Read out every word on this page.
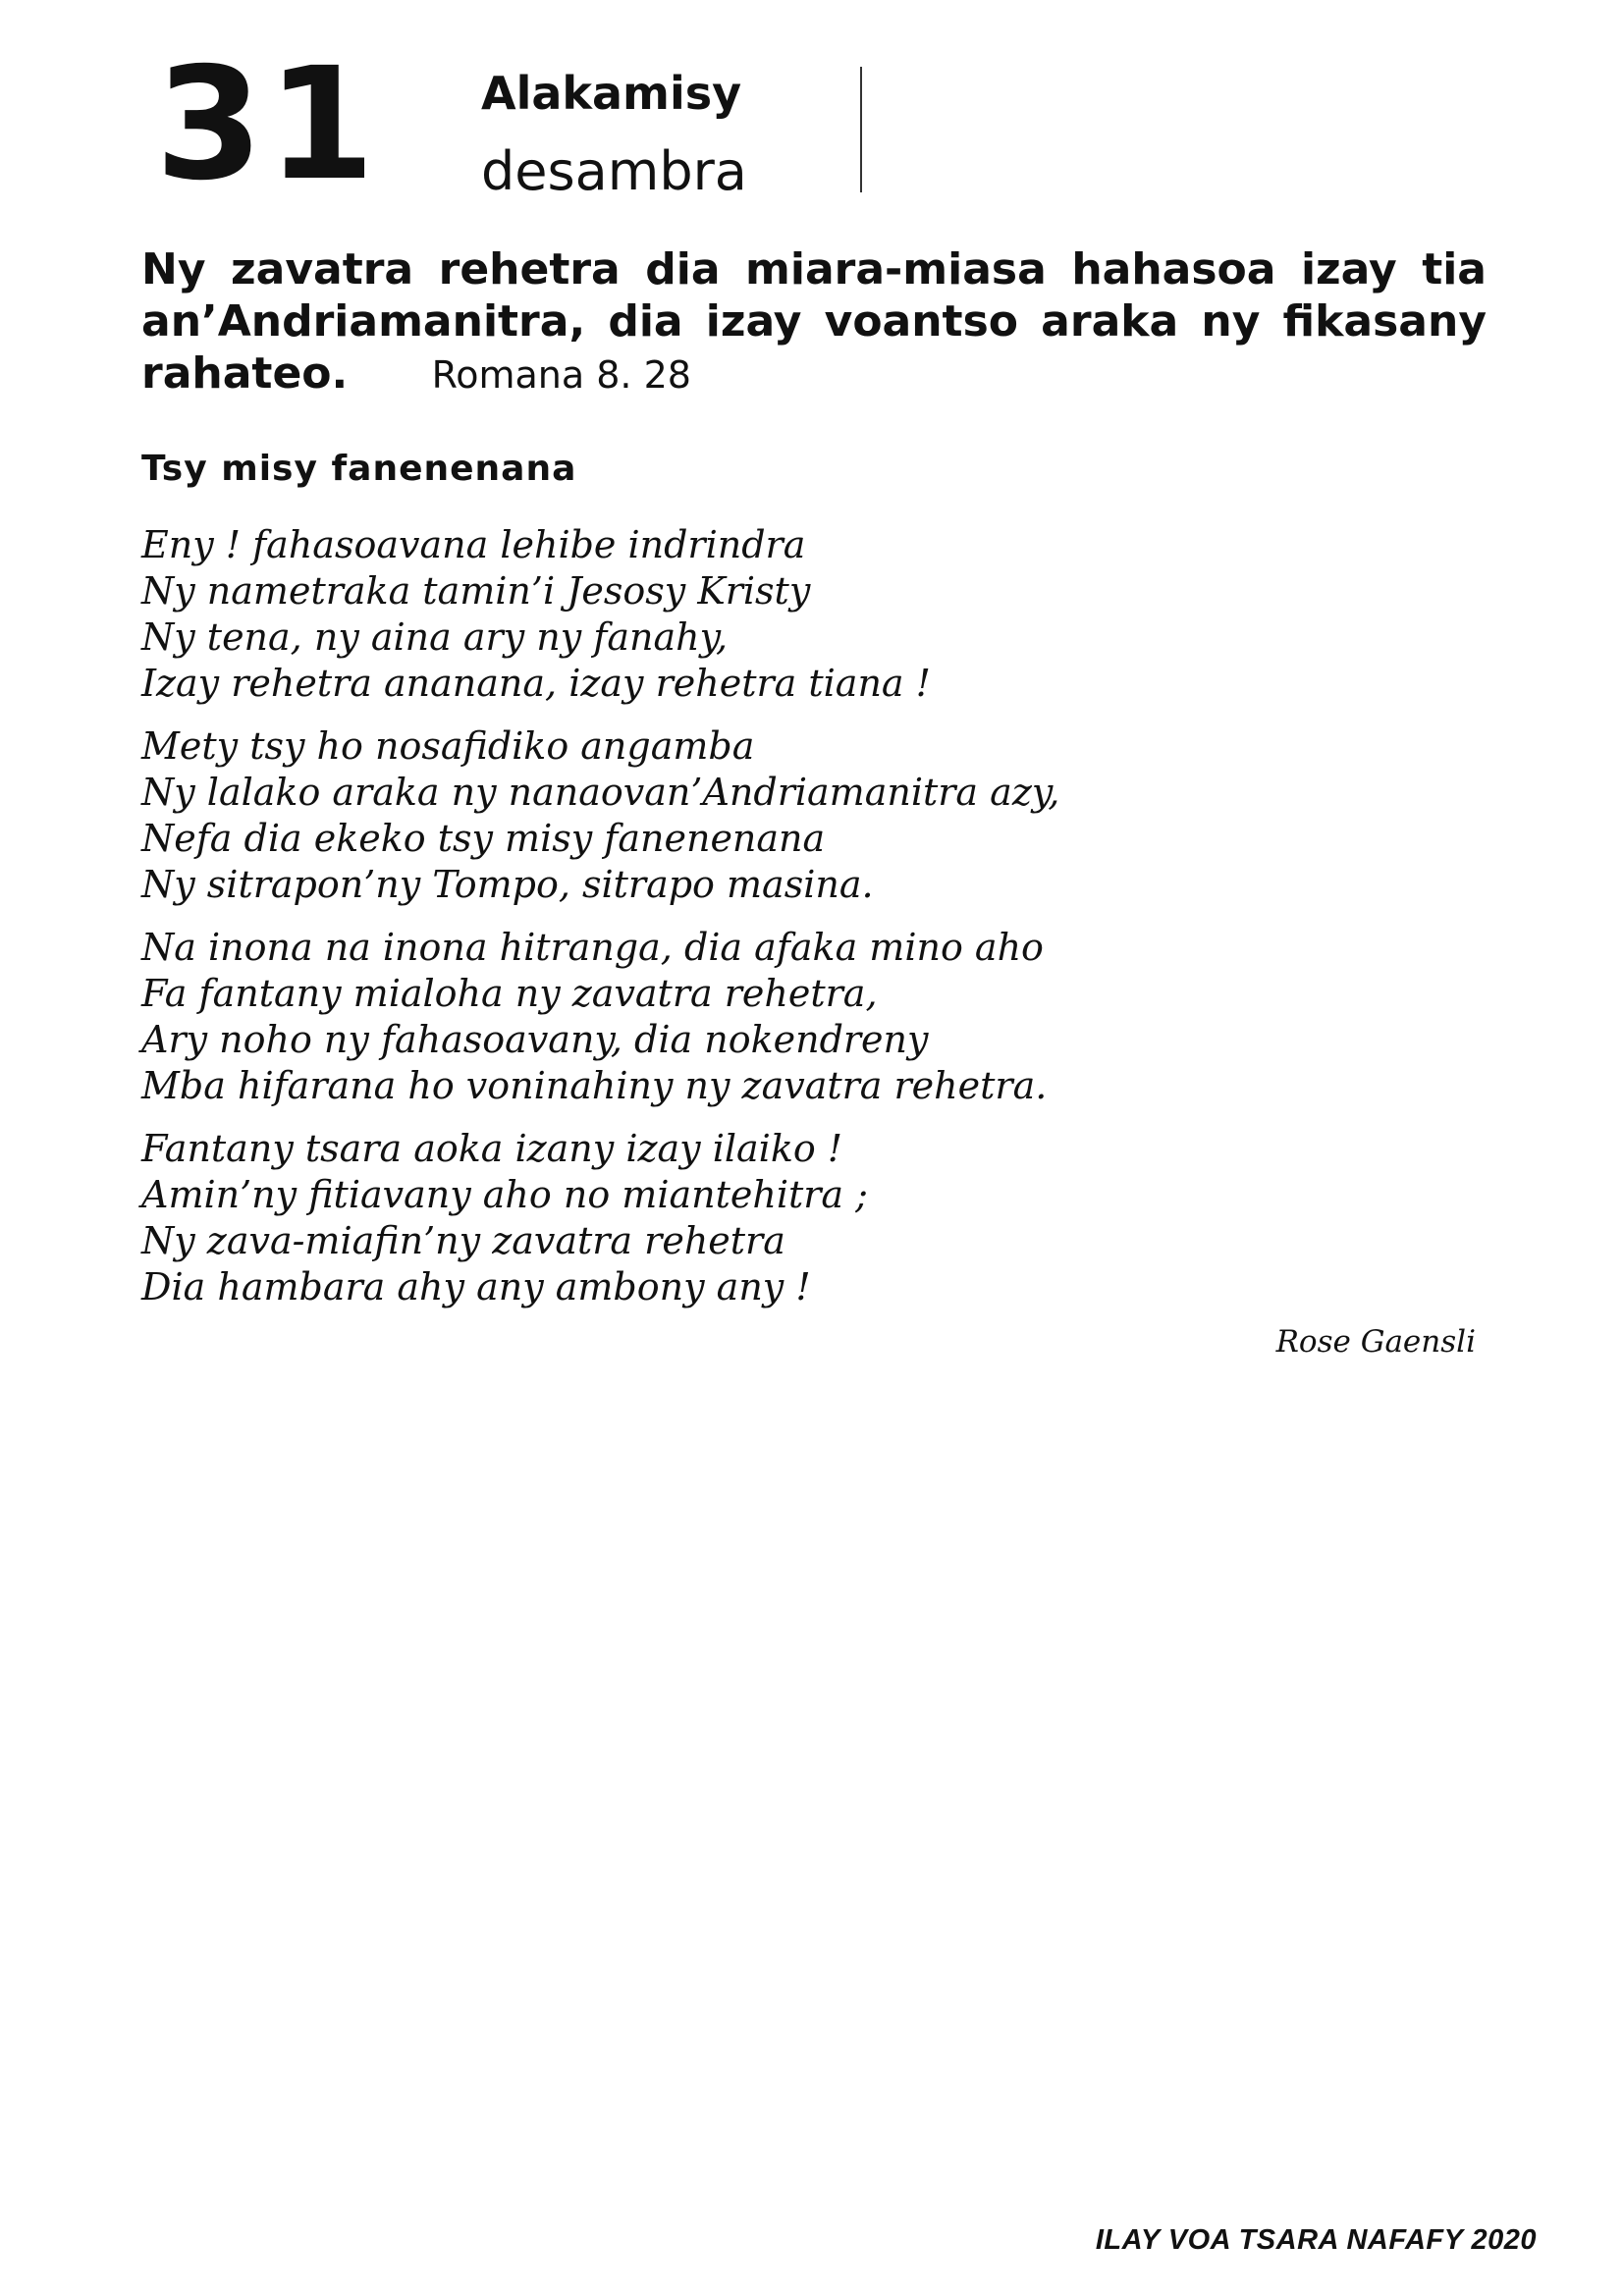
31 Alakamisy
desambra
Ny zavatra rehetra dia miara-miasa hahasoa izay tia an’Andriamanitra, dia izay voantso araka ny fikasany rahateo. Romana 8. 28
Tsy misy fanenenana
Eny ! fahasoavana lehibe indrindra
Ny nametraka tamin’i Jesosy Kristy
Ny tena, ny aina ary ny fanahy,
Izay rehetra ananana, izay rehetra tiana !
Mety tsy ho nosafidiko angamba
Ny lalako araka ny nanaovan’Andriamanitra azy,
Nefa dia ekeko tsy misy fanenenana
Ny sitrapon’ny Tompo, sitrapo masina.
Na inona na inona hitranga, dia afaka mino aho
Fa fantany mialoha ny zavatra rehetra,
Ary noho ny fahasoavany, dia nokendreny
Mba hifarana ho voninahiny ny zavatra rehetra.
Fantany tsara aoka izany izay ilaiko !
Amin’ny fitiavany aho no miantehitra ;
Ny zava-miafin’ny zavatra rehetra
Dia hambara ahy any ambony any !
Rose Gaensli
ILAY VOA TSARA NAFAFY 2020
